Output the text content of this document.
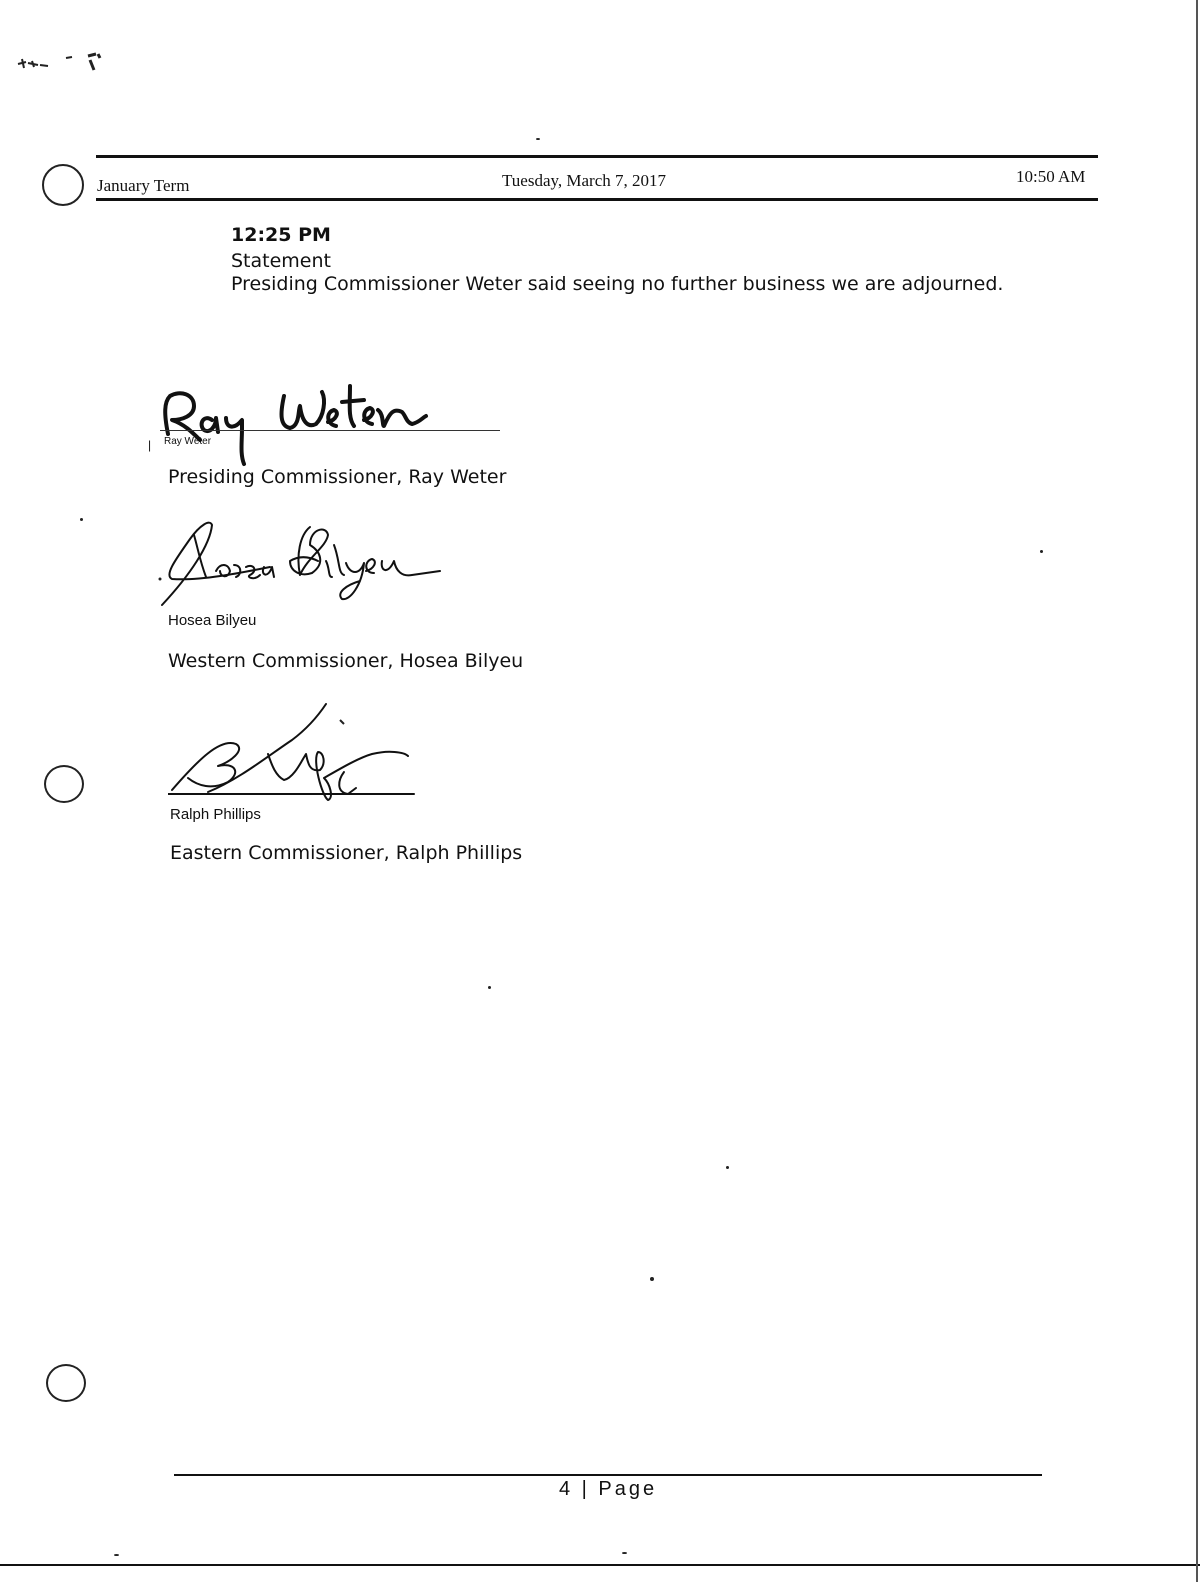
January Term	Tuesday, March 7, 2017	10:50 AM
12:25 PM
Statement
Presiding Commissioner Weter said seeing no further business we are adjourned.
| Ray Weter
Presiding Commissioner, Ray Weter
Hosea Bilyeu
Western Commissioner, Hosea Bilyeu
Ralph Phillips
Eastern Commissioner, Ralph Phillips
4 | Page
